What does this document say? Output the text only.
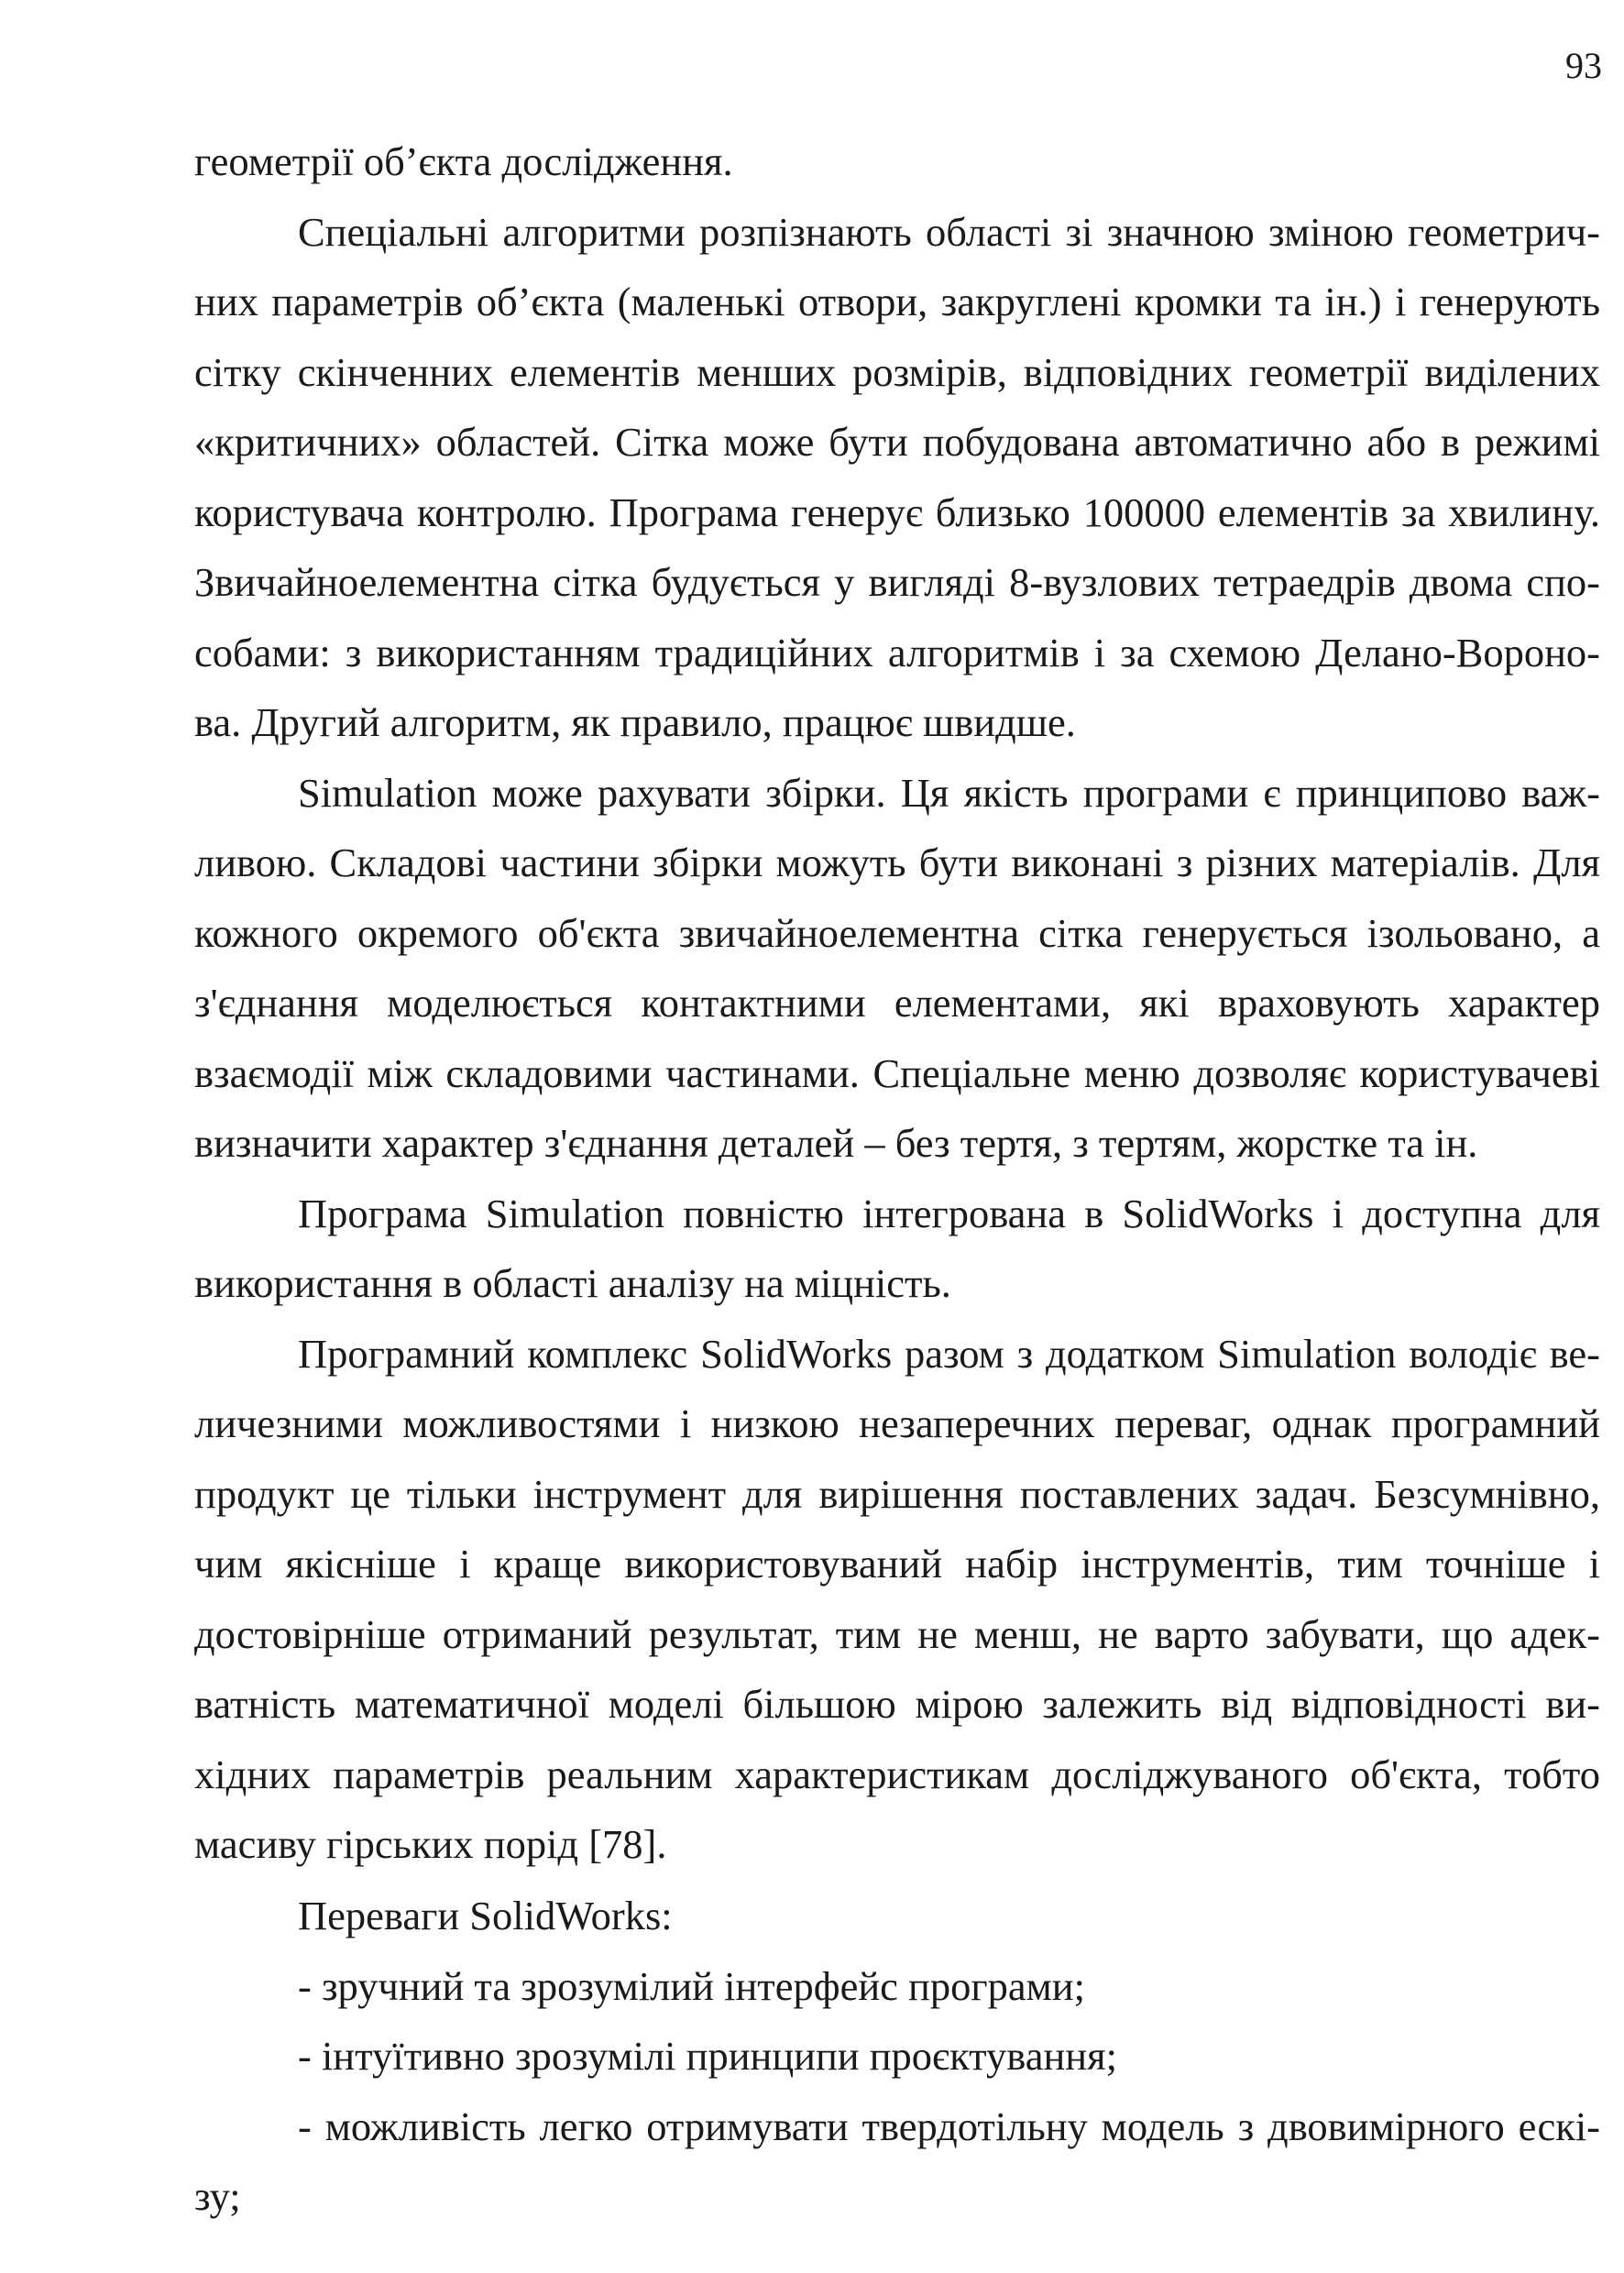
93

геометрії об’єкта дослідження.

Спеціальні алгоритми розпізнають області зі значною зміною геометрич-них параметрів об’єкта (маленькі отвори, закруглені кромки та ін.) і генерують сітку скінченних елементів менших розмірів, відповідних геометрії виділених «критичних» областей. Сітка може бути побудована автоматично або в режимі користувача контролю. Програма генерує близько 100000 елементів за хвилину. Звичайноелементна сітка будується у вигляді 8-вузлових тетраедрів двома спо-собами: з використанням традиційних алгоритмів і за схемою Делано-Вороно-ва. Другий алгоритм, як правило, працює швидше.

Simulation може рахувати збірки. Ця якість програми є принципово важ-ливою. Складові частини збірки можуть бути виконані з різних матеріалів. Для кожного окремого об'єкта звичайноелементна сітка генерується ізольовано, а з'єднання моделюється контактними елементами, які враховують характер взаємодії між складовими частинами. Спеціальне меню дозволяє користувачеві визначити характер з'єднання деталей – без тертя, з тертям, жорстке та ін.

Програма Simulation повністю інтегрована в SolidWorks і доступна для використання в області аналізу на міцність.

Програмний комплекс SolidWorks разом з додатком Simulation володіє ве-личезними можливостями і низкою незаперечних переваг, однак програмний продукт це тільки інструмент для вирішення поставлених задач. Безсумнівно, чим якісніше і краще використовуваний набір інструментів, тим точніше і достовірніше отриманий результат, тим не менш, не варто забувати, що адек-ватність математичної моделі більшою мірою залежить від відповідності ви-хідних параметрів реальним характеристикам досліджуваного об'єкта, тобто масиву гірських порід [78].

Переваги SolidWorks:

- зручний та зрозумілий інтерфейс програми;
- інтуїтивно зрозумілі принципи проєктування;
- можливість легко отримувати твердотільну модель з двовимірного ескі-зу;
